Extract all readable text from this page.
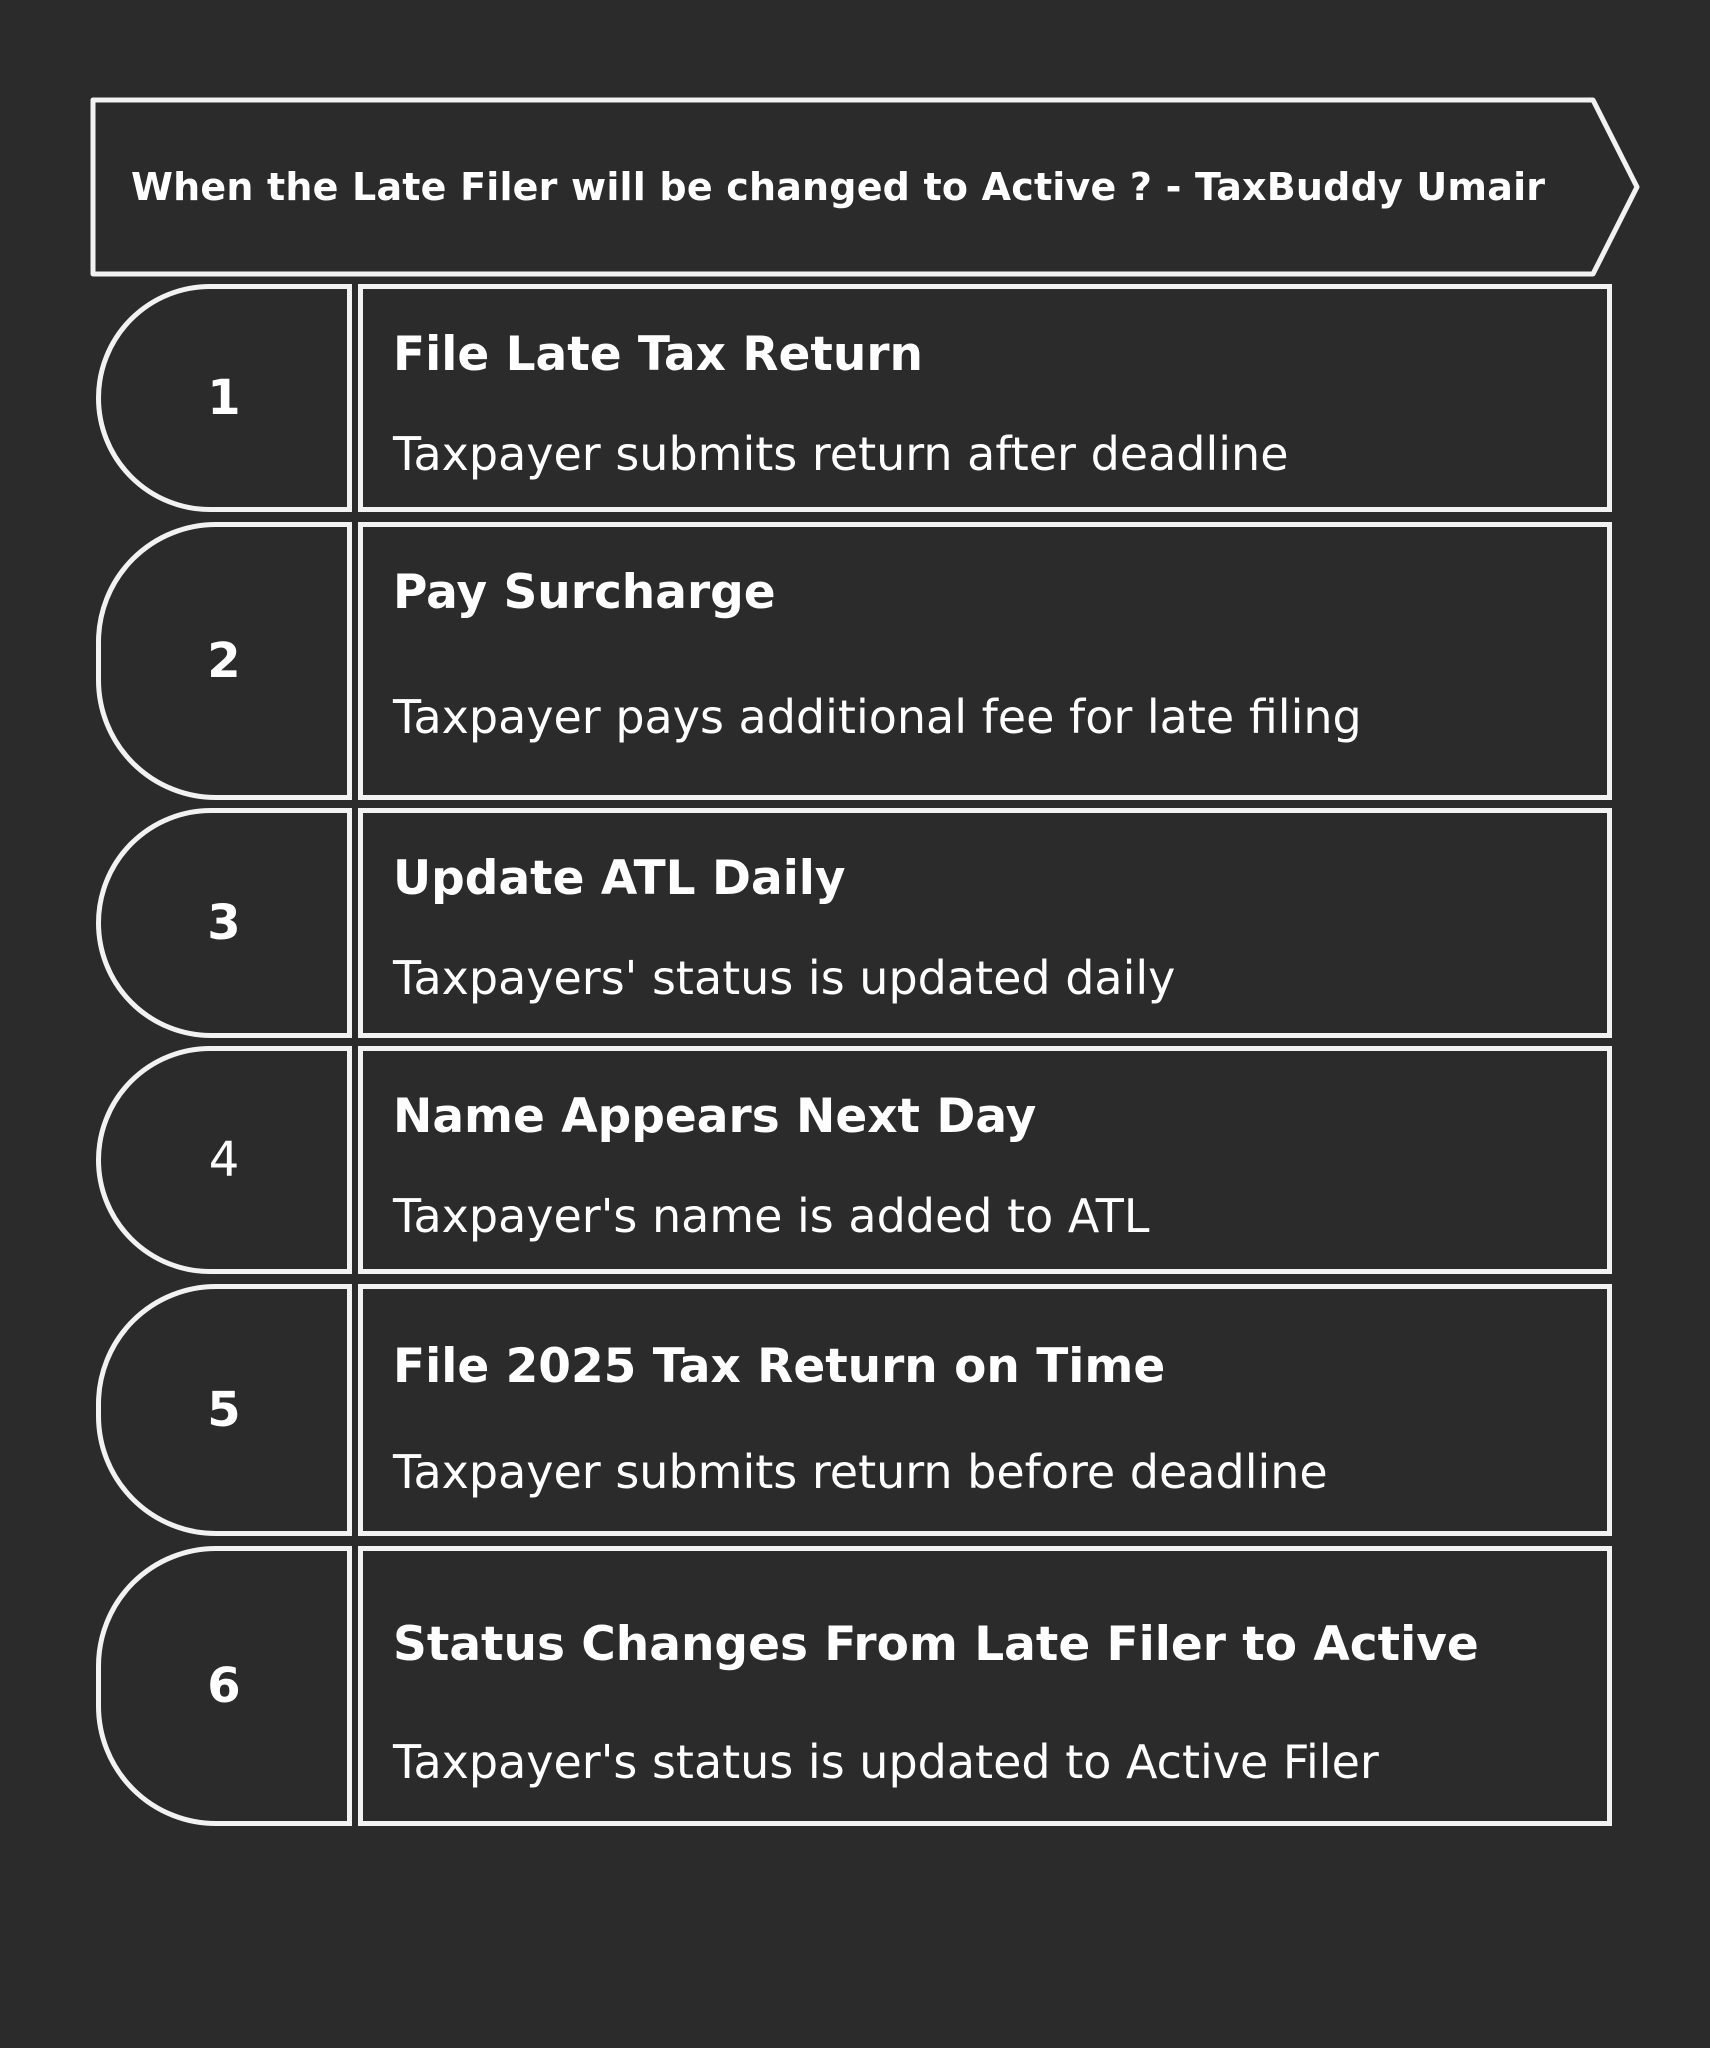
When the Late Filer will be changed to Active ? - TaxBuddy Umair
1
File Late Tax Return
Taxpayer submits return after deadline
2
Pay Surcharge
Taxpayer pays additional fee for late filing
3
Update ATL Daily
Taxpayers' status is updated daily
4
Name Appears Next Day
Taxpayer's name is added to ATL
5
File 2025 Tax Return on Time
Taxpayer submits return before deadline
6
Status Changes From Late Filer to Active
Taxpayer's status is updated to Active Filer
